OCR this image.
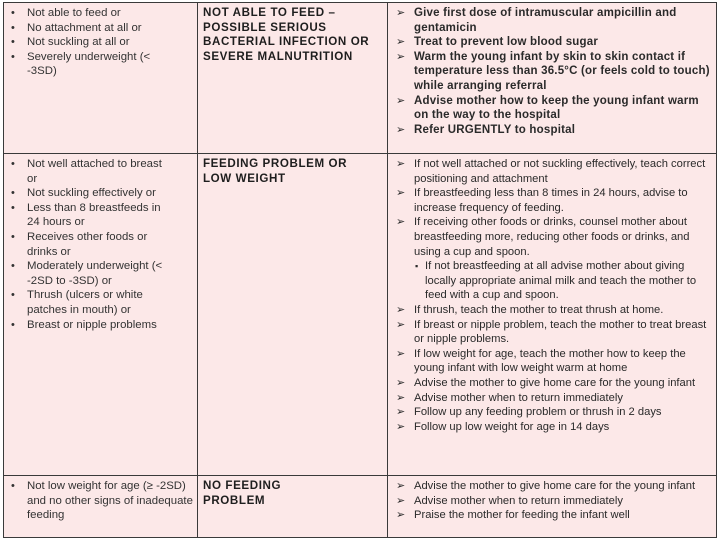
• Not able to feed or
• No attachment at all or
• Not suckling at all or
• Severely underweight (< -3SD)
NOT ABLE TO FEED – POSSIBLE SERIOUS BACTERIAL INFECTION OR SEVERE MALNUTRITION
➢ Give first dose of intramuscular ampicillin and gentamicin
➢ Treat to prevent low blood sugar
➢ Warm the young infant by skin to skin contact if temperature less than 36.5°C (or feels cold to touch) while arranging referral
➢ Advise mother how to keep the young infant warm on the way to the hospital
➢ Refer URGENTLY to hospital
• Not well attached to breast or
• Not suckling effectively or
• Less than 8 breastfeeds in 24 hours or
• Receives other foods or drinks or
• Moderately underweight (< -2SD to -3SD) or
• Thrush (ulcers or white patches in mouth) or
• Breast or nipple problems
FEEDING PROBLEM OR LOW WEIGHT
➢ If not well attached or not suckling effectively, teach correct positioning and attachment
➢ If breastfeeding less than 8 times in 24 hours, advise to increase frequency of feeding.
➢ If receiving other foods or drinks, counsel mother about breastfeeding more, reducing other foods or drinks, and using a cup and spoon.
▪ If not breastfeeding at all advise mother about giving locally appropriate animal milk and teach the mother to feed with a cup and spoon.
➢ If thrush, teach the mother to treat thrush at home.
➢ If breast or nipple problem, teach the mother to treat breast or nipple problems.
➢ If low weight for age, teach the mother how to keep the young infant with low weight warm at home
➢ Advise the mother to give home care for the young infant
➢ Advise mother when to return immediately
➢ Follow up any feeding problem or thrush in 2 days
➢ Follow up low weight for age in 14 days
• Not low weight for age (≥ -2SD) and no other signs of inadequate feeding
NO FEEDING PROBLEM
➢ Advise the mother to give home care for the young infant
➢ Advise mother when to return immediately
➢ Praise the mother for feeding the infant well
